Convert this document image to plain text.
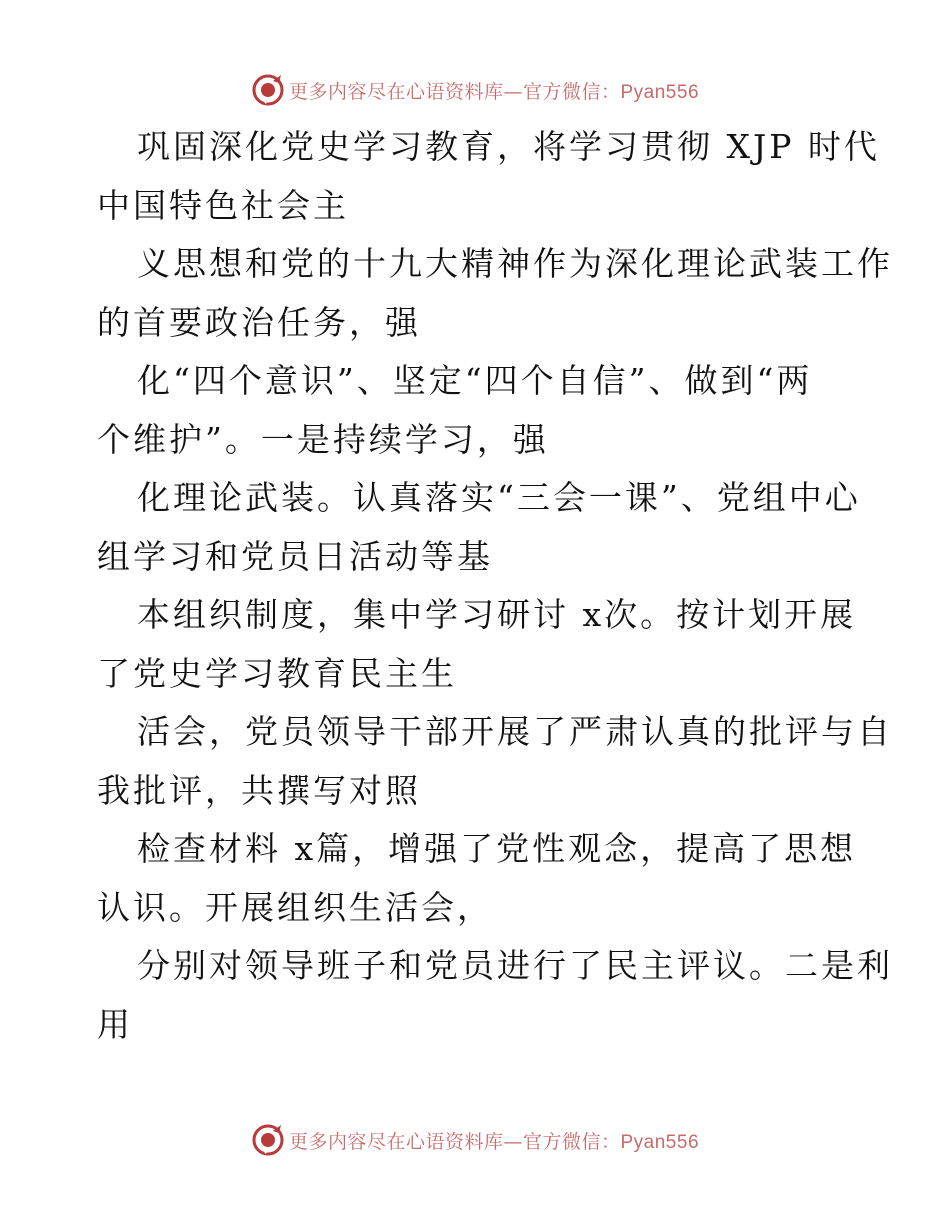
更多内容尽在心语资料库—官方微信：Pyan556
巩固深化党史学习教育，将学习贯彻 XJP 时代
中国特色社会主
义思想和党的十九大精神作为深化理论武装工作
的首要政治任务，强
化“四个意识”、坚定“四个自信”、做到“两
个维护”。一是持续学习，强
化理论武装。认真落实“三会一课”、党组中心
组学习和党员日活动等基
本组织制度，集中学习研讨 x次。按计划开展
了党史学习教育民主生
活会，党员领导干部开展了严肃认真的批评与自
我批评，共撰写对照
检查材料 x篇，增强了党性观念，提高了思想
认识。开展组织生活会，
分别对领导班子和党员进行了民主评议。二是利
用
更多内容尽在心语资料库—官方微信：Pyan556
